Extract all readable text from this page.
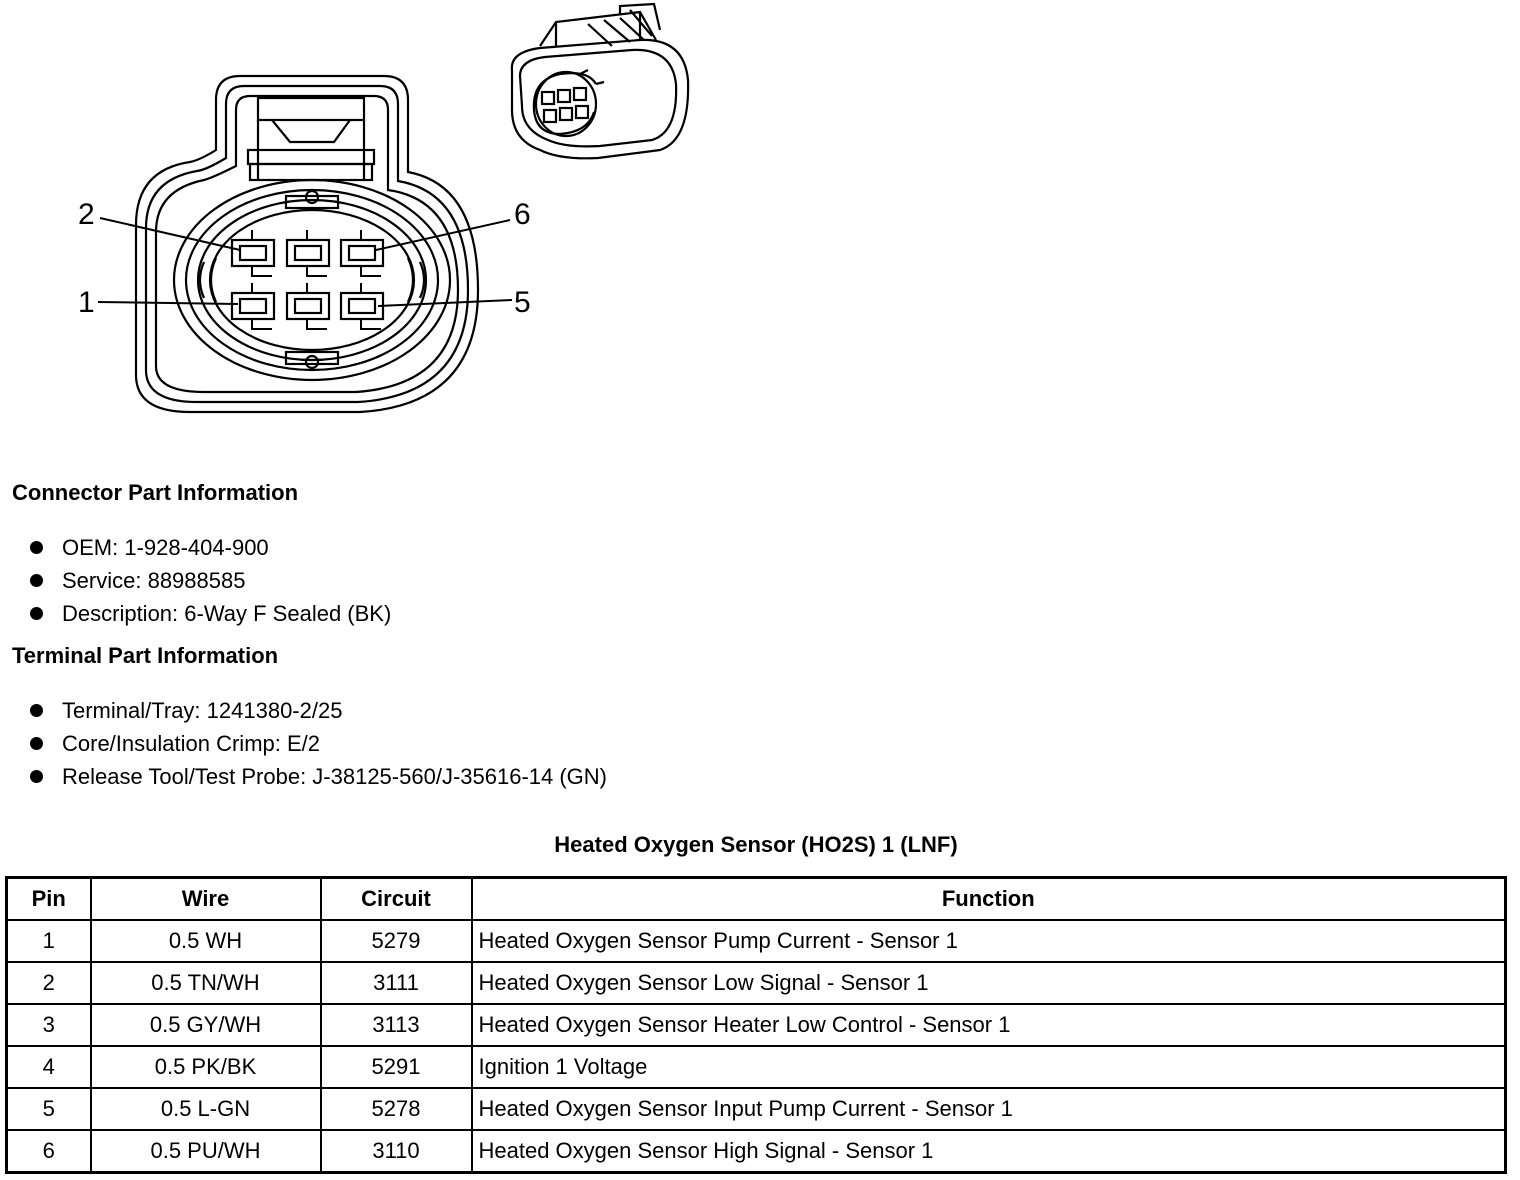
2	6
1	5
Connector Part Information
OEM: 1-928-404-900
Service: 88988585
Description: 6-Way F Sealed (BK)
Terminal Part Information
Terminal/Tray: 1241380-2/25
Core/Insulation Crimp: E/2
Release Tool/Test Probe: J-38125-560/J-35616-14 (GN)
Heated Oxygen Sensor (HO2S) 1 (LNF)
Pin	Wire	Circuit	Function
1	0.5 WH	5279	Heated Oxygen Sensor Pump Current - Sensor 1
2	0.5 TN/WH	3111	Heated Oxygen Sensor Low Signal - Sensor 1
3	0.5 GY/WH	3113	Heated Oxygen Sensor Heater Low Control - Sensor 1
4	0.5 PK/BK	5291	Ignition 1 Voltage
5	0.5 L-GN	5278	Heated Oxygen Sensor Input Pump Current - Sensor 1
6	0.5 PU/WH	3110	Heated Oxygen Sensor High Signal - Sensor 1
